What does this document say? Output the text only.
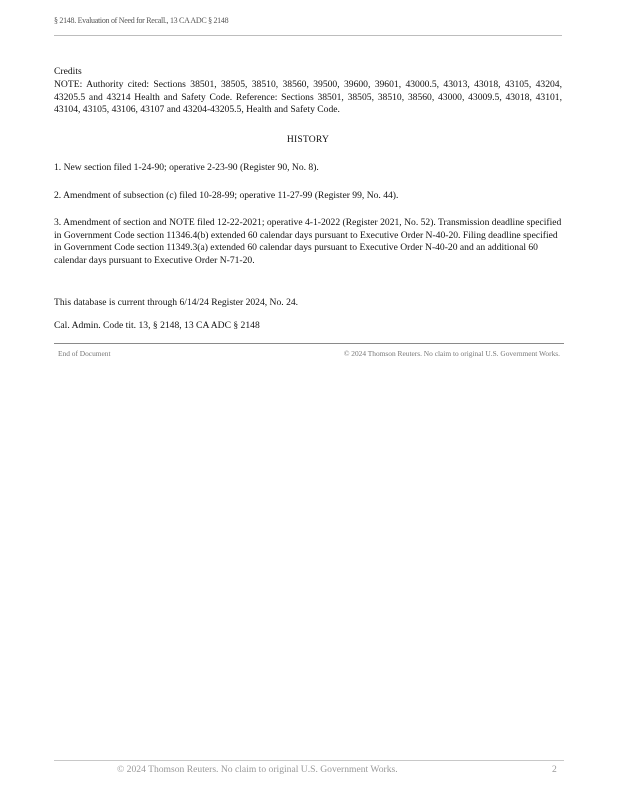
§ 2148. Evaluation of Need for Recall., 13 CA ADC § 2148
Credits
NOTE: Authority cited: Sections 38501, 38505, 38510, 38560, 39500, 39600, 39601, 43000.5, 43013, 43018, 43105, 43204, 43205.5 and 43214 Health and Safety Code. Reference: Sections 38501, 38505, 38510, 38560, 43000, 43009.5, 43018, 43101, 43104, 43105, 43106, 43107 and 43204-43205.5, Health and Safety Code.
HISTORY
1. New section filed 1-24-90; operative 2-23-90 (Register 90, No. 8).
2. Amendment of subsection (c) filed 10-28-99; operative 11-27-99 (Register 99, No. 44).
3. Amendment of section and NOTE filed 12-22-2021; operative 4-1-2022 (Register 2021, No. 52). Transmission deadline specified in Government Code section 11346.4(b) extended 60 calendar days pursuant to Executive Order N-40-20. Filing deadline specified in Government Code section 11349.3(a) extended 60 calendar days pursuant to Executive Order N-40-20 and an additional 60 calendar days pursuant to Executive Order N-71-20.
This database is current through 6/14/24 Register 2024, No. 24.
Cal. Admin. Code tit. 13, § 2148, 13 CA ADC § 2148
End of Document	© 2024 Thomson Reuters. No claim to original U.S. Government Works.
© 2024 Thomson Reuters. No claim to original U.S. Government Works.	2
